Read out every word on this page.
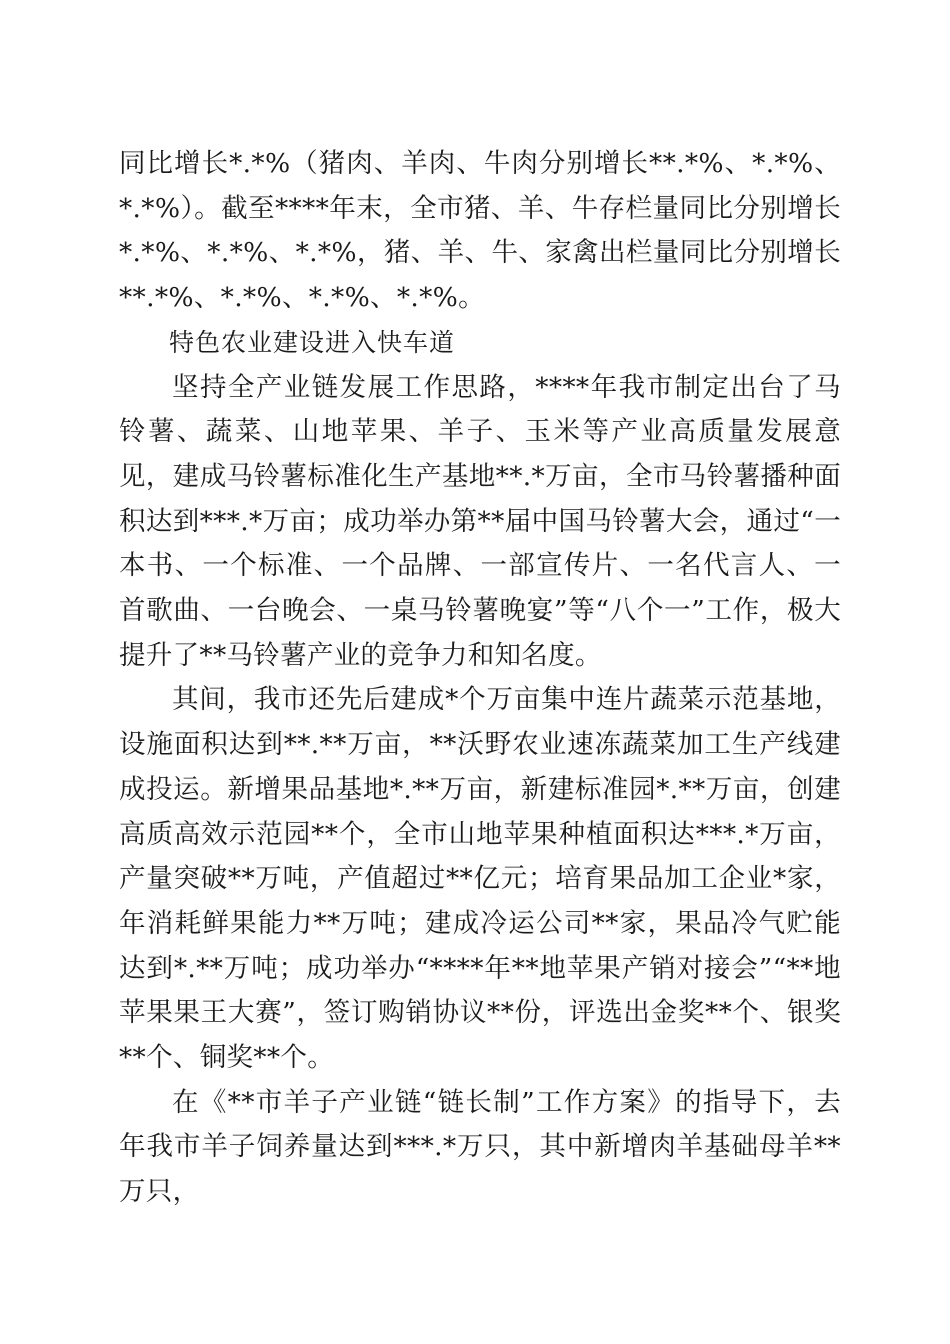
同比增长*.*%（猪肉、羊肉、牛肉分别增长**.*%、*.*%、*.*%）。截至****年末，全市猪、羊、牛存栏量同比分别增长*.*%、*.*%、*.*%，猪、羊、牛、家禽出栏量同比分别增长**.*%、*.*%、*.*%、*.*%。

特色农业建设进入快车道

坚持全产业链发展工作思路，****年我市制定出台了马铃薯、蔬菜、山地苹果、羊子、玉米等产业高质量发展意见，建成马铃薯标准化生产基地**.*万亩，全市马铃薯播种面积达到***.*万亩；成功举办第**届中国马铃薯大会，通过“一本书、一个标准、一个品牌、一部宣传片、一名代言人、一首歌曲、一台晚会、一桌马铃薯晚宴”等“八个一”工作，极大提升了**马铃薯产业的竞争力和知名度。

其间，我市还先后建成*个万亩集中连片蔬菜示范基地，设施面积达到**.**万亩，**沃野农业速冻蔬菜加工生产线建成投运。新增果品基地*.**万亩，新建标准园*.**万亩，创建高质高效示范园**个，全市山地苹果种植面积达***.*万亩，产量突破**万吨，产值超过**亿元；培育果品加工企业*家，年消耗鲜果能力**万吨；建成冷运公司**家，果品冷气贮能达到*.**万吨；成功举办“****年**地苹果产销对接会”“**地苹果果王大赛”，签订购销协议**份，评选出金奖**个、银奖**个、铜奖**个。

在《**市羊子产业链“链长制”工作方案》的指导下，去年我市羊子饲养量达到***.*万只，其中新增肉羊基础母羊**万只，
